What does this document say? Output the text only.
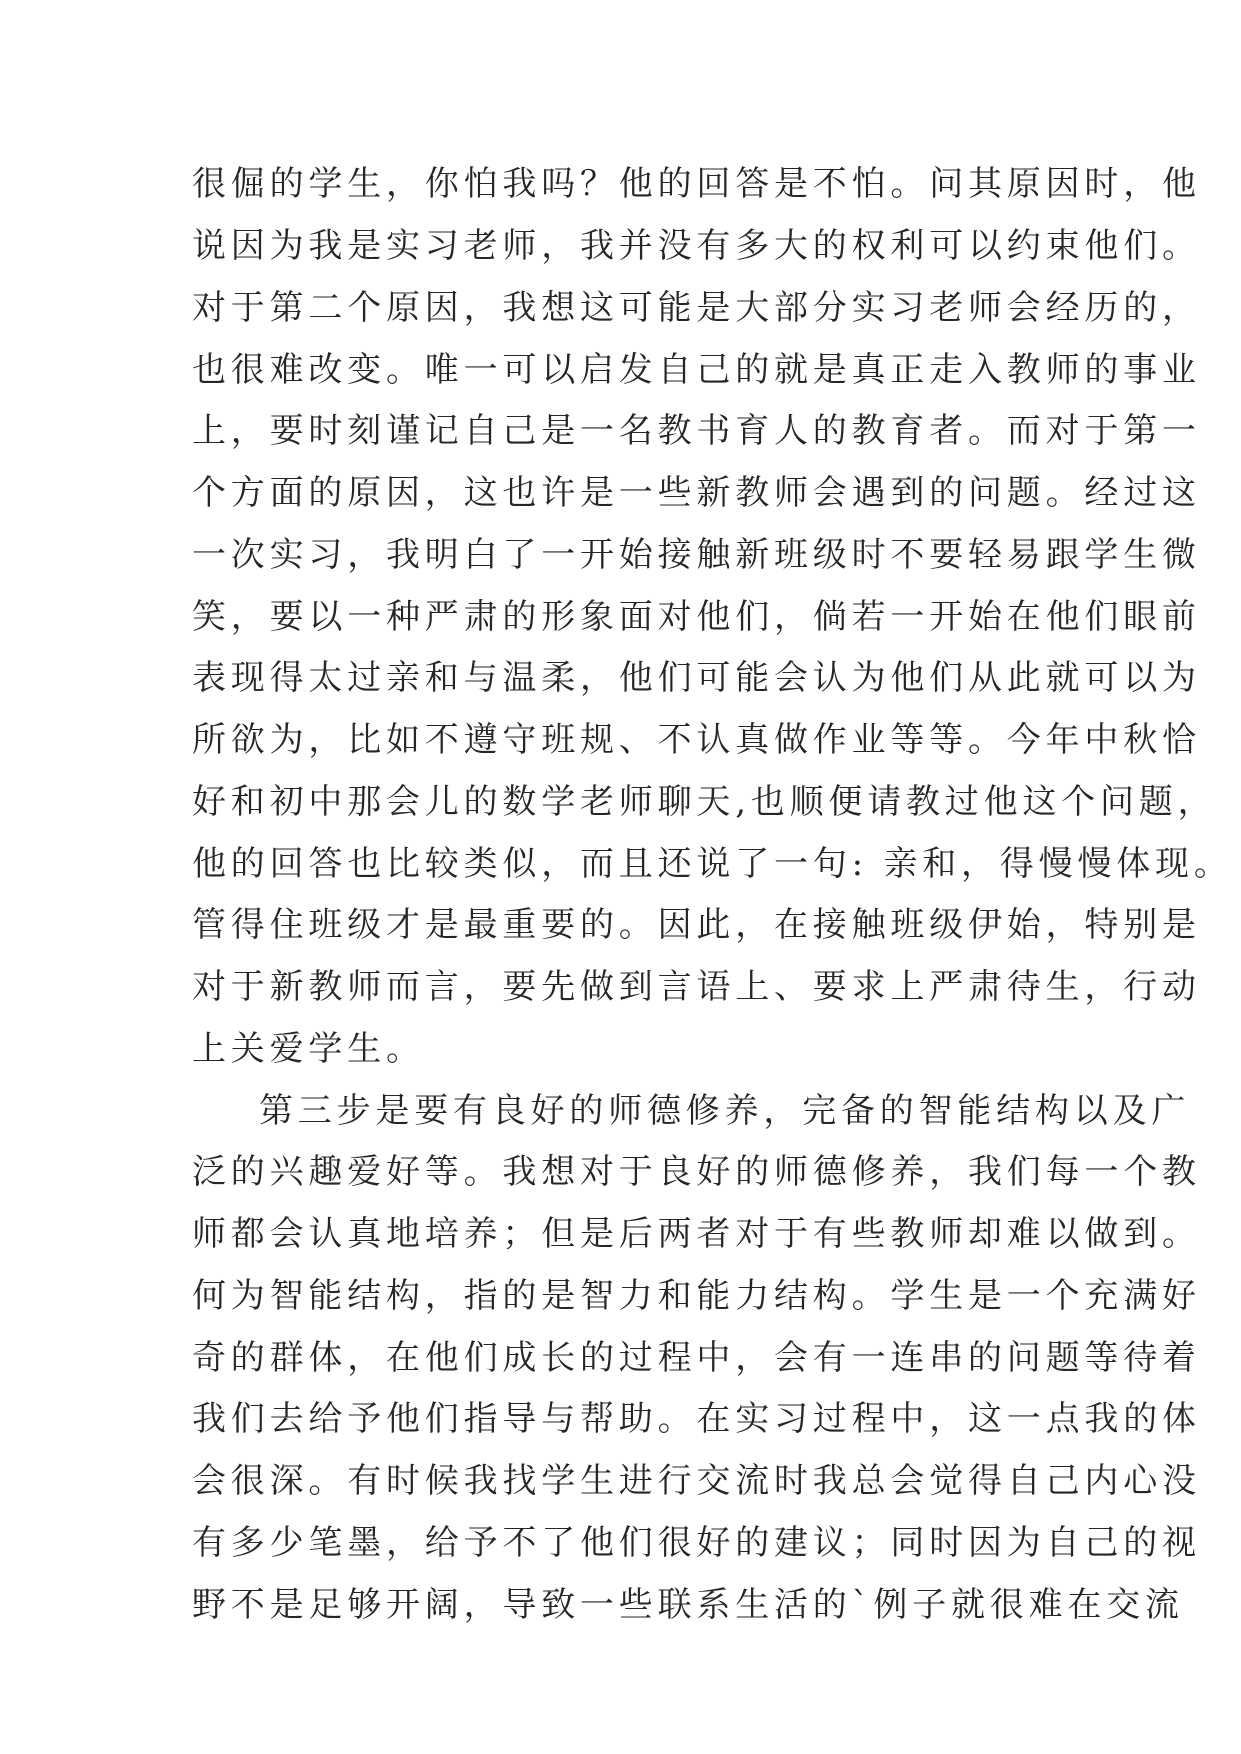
很倔的学生，你怕我吗？他的回答是不怕。问其原因时，他
说因为我是实习老师，我并没有多大的权利可以约束他们。
对于第二个原因，我想这可能是大部分实习老师会经历的，
也很难改变。唯一可以启发自己的就是真正走入教师的事业
上，要时刻谨记自己是一名教书育人的教育者。而对于第一
个方面的原因，这也许是一些新教师会遇到的问题。经过这
一次实习，我明白了一开始接触新班级时不要轻易跟学生微
笑，要以一种严肃的形象面对他们，倘若一开始在他们眼前
表现得太过亲和与温柔，他们可能会认为他们从此就可以为
所欲为，比如不遵守班规、不认真做作业等等。今年中秋恰
好和初中那会儿的数学老师聊天,也顺便请教过他这个问题，
他的回答也比较类似，而且还说了一句: 亲和，得慢慢体现。
管得住班级才是最重要的。因此，在接触班级伊始，特别是
对于新教师而言，要先做到言语上、要求上严肃待生，行动
上关爱学生。
第三步是要有良好的师德修养，完备的智能结构以及广
泛的兴趣爱好等。我想对于良好的师德修养，我们每一个教
师都会认真地培养；但是后两者对于有些教师却难以做到。
何为智能结构，指的是智力和能力结构。学生是一个充满好
奇的群体，在他们成长的过程中，会有一连串的问题等待着
我们去给予他们指导与帮助。在实习过程中，这一点我的体
会很深。有时候我找学生进行交流时我总会觉得自己内心没
有多少笔墨，给予不了他们很好的建议；同时因为自己的视
野不是足够开阔，导致一些联系生活的`例子就很难在交流
